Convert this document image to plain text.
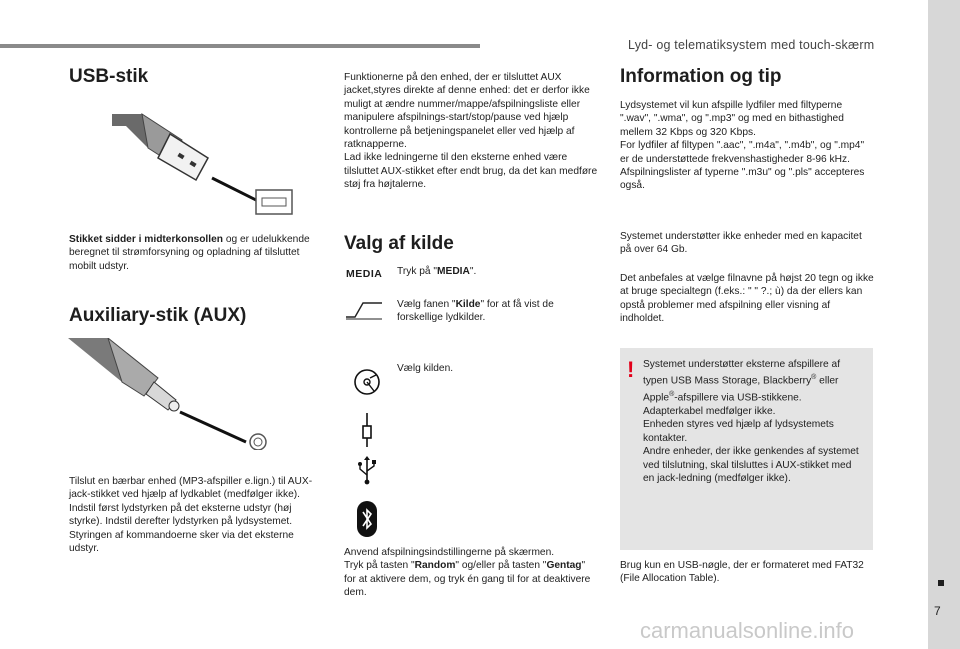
Lyd- og telematiksystem med touch-skærm
7
carmanualsonline.info
USB-stik

Stikket sidder i midterkonsollen og er udelukkende beregnet til strømforsyning og opladning af tilsluttet mobilt udstyr.

Auxiliary-stik (AUX)
Tilslut en bærbar enhed (MP3-afspiller e.lign.) til AUX-jack-stikket ved hjælp af lydkablet (medfølger ikke).
Indstil først lydstyrken på det eksterne udstyr (høj styrke). Indstil derefter lydstyrken på lydsystemet.
Styringen af kommandoerne sker via det eksterne udstyr.
Funktionerne på den enhed, der er tilsluttet AUX jacket,styres direkte af denne enhed: det er derfor ikke muligt at ændre nummer/mappe/afspilningsliste eller manipulere afspilnings-start/stop/pause ved hjælp kontrollerne på betjeningspanelet eller ved hjælp af ratknapperne.
Lad ikke ledningerne til den eksterne enhed være tilsluttet AUX-stikket efter endt brug, da det kan medføre støj fra højtalerne.
Valg af kilde
MEDIA Tryk på "MEDIA".

Vælg fanen "Kilde" for at få vist de forskellige lydkilder.

Vælg kilden.

Anvend afspilningsindstillingerne på skærmen.
Tryk på tasten "Random" og/eller på tasten "Gentag" for at aktivere dem, og tryk én gang til for at deaktivere dem.
Information og tip
Lydsystemet vil kun afspille lydfiler med filtyperne ".wav", ".wma", og ".mp3" og med en bithastighed mellem 32 Kbps og 320 Kbps.
For lydfiler af filtypen ".aac", ".m4a", ".m4b", og ".mp4" er de understøttede frekvenshastigheder 8-96 kHz.
Afspilningslister af typerne ".m3u" og ".pls" accepteres også.

Systemet understøtter ikke enheder med en kapacitet på over 64 Gb.

Det anbefales at vælge filnavne på højst 20 tegn og ikke at bruge specialtegn (f.eks.: " " ?.; ù) da der ellers kan opstå problemer med afspilning eller visning af indholdet.

! Systemet understøtter eksterne afspillere af typen USB Mass Storage, Blackberry® eller Apple®-afspillere via USB-stikkene.
Adapterkabel medfølger ikke.
Enheden styres ved hjælp af lydsystemets kontakter.
Andre enheder, der ikke genkendes af systemet ved tilslutning, skal tilsluttes i AUX-stikket med en jack-ledning (medfølger ikke).

Brug kun en USB-nøgle, der er formateret med FAT32 (File Allocation Table).
